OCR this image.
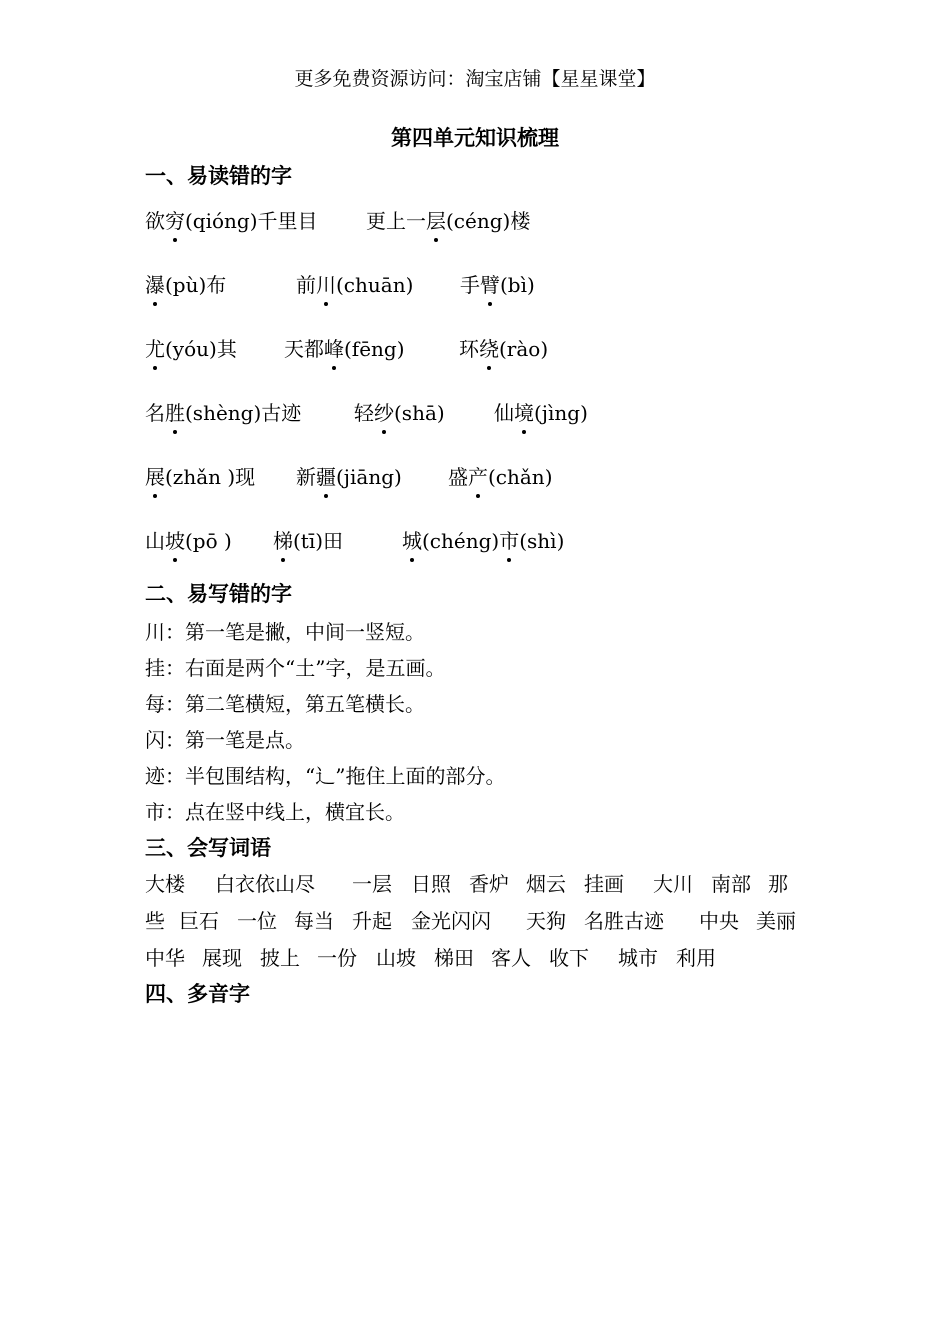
更多免费资源访问：淘宝店铺【星星课堂】
第四单元知识梳理
一、易读错的字
欲穷(qióng)千里目 更上一层(céng)楼
瀑(pù)布	前川(chuān) 手臂(bì)
尤(yóu)其 天都峰(fēng)	环绕(rào)
名胜(shèng)古迹	轻纱(shā) 仙境(jìng)
展(zhǎn )现 新疆(jiāng) 盛产(chǎn)
山坡(pō ) 梯(tī)田	城(chéng)市(shì)
二、易写错的字
川：第一笔是撇，中间一竖短。
挂：右面是两个“土”字，是五画。
每：第二笔横短，第五笔横长。
闪：第一笔是点。
迹：半包围结构，“辶”拖住上面的部分。
市：点在竖中线上，横宜长。
三、会写词语
大楼 白衣依山尽 一层 日照 香炉 烟云 挂画 大川 南部 那
些 巨石 一位 每当 升起 金光闪闪 天狗 名胜古迹 中央 美丽
中华 展现 披上 一份 山坡 梯田 客人 收下 城市 利用
四、多音字
